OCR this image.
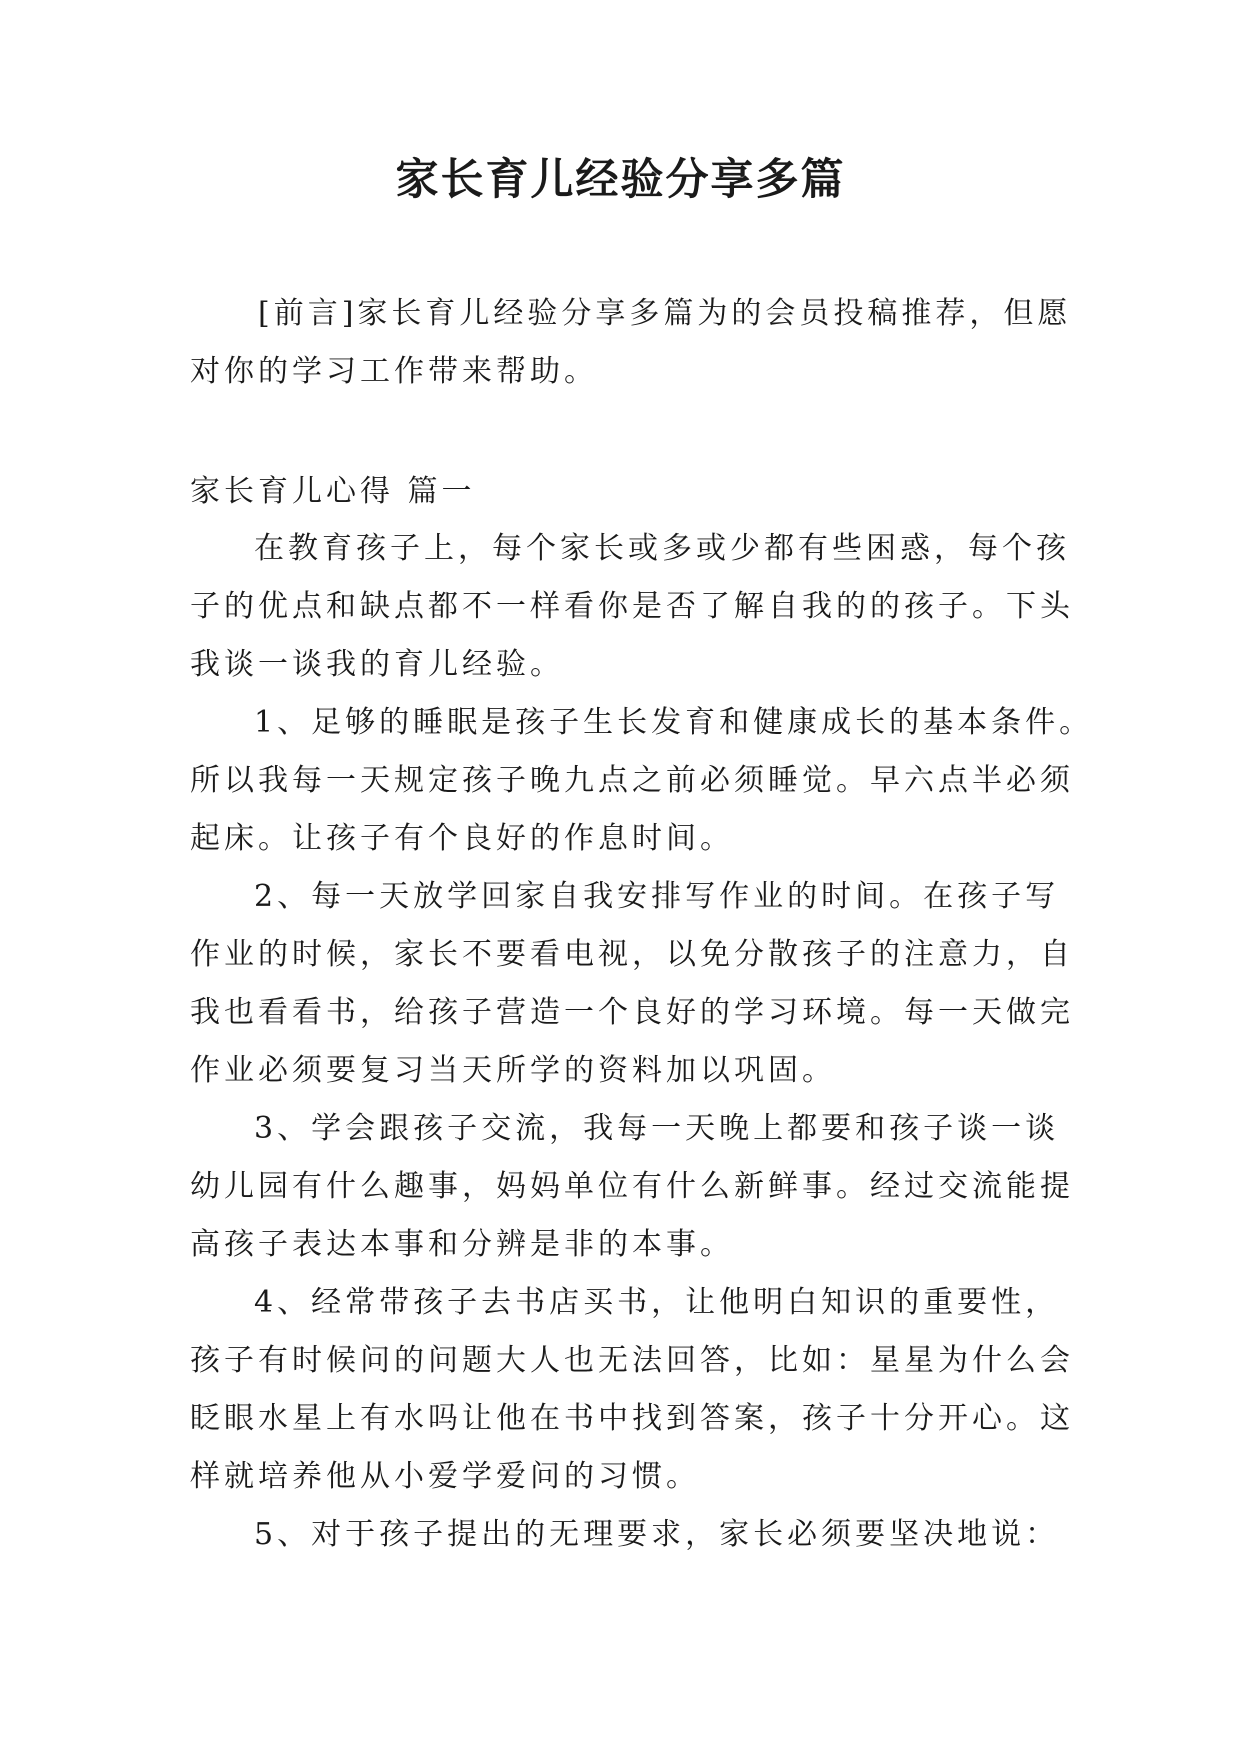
家长育儿经验分享多篇

[前言]家长育儿经验分享多篇为的会员投稿推荐，但愿
对你的学习工作带来帮助。

家长育儿心得 篇一

在教育孩子上，每个家长或多或少都有些困惑，每个孩
子的优点和缺点都不一样看你是否了解自我的的孩子。下头
我谈一谈我的育儿经验。

1、足够的睡眠是孩子生长发育和健康成长的基本条件。
所以我每一天规定孩子晚九点之前必须睡觉。早六点半必须
起床。让孩子有个良好的作息时间。

2、每一天放学回家自我安排写作业的时间。在孩子写
作业的时候，家长不要看电视，以免分散孩子的注意力，自
我也看看书，给孩子营造一个良好的学习环境。每一天做完
作业必须要复习当天所学的资料加以巩固。

3、学会跟孩子交流，我每一天晚上都要和孩子谈一谈
幼儿园有什么趣事，妈妈单位有什么新鲜事。经过交流能提
高孩子表达本事和分辨是非的本事。

4、经常带孩子去书店买书，让他明白知识的重要性，
孩子有时候问的问题大人也无法回答，比如：星星为什么会
眨眼水星上有水吗让他在书中找到答案，孩子十分开心。这
样就培养他从小爱学爱问的习惯。

5、对于孩子提出的无理要求，家长必须要坚决地说：
